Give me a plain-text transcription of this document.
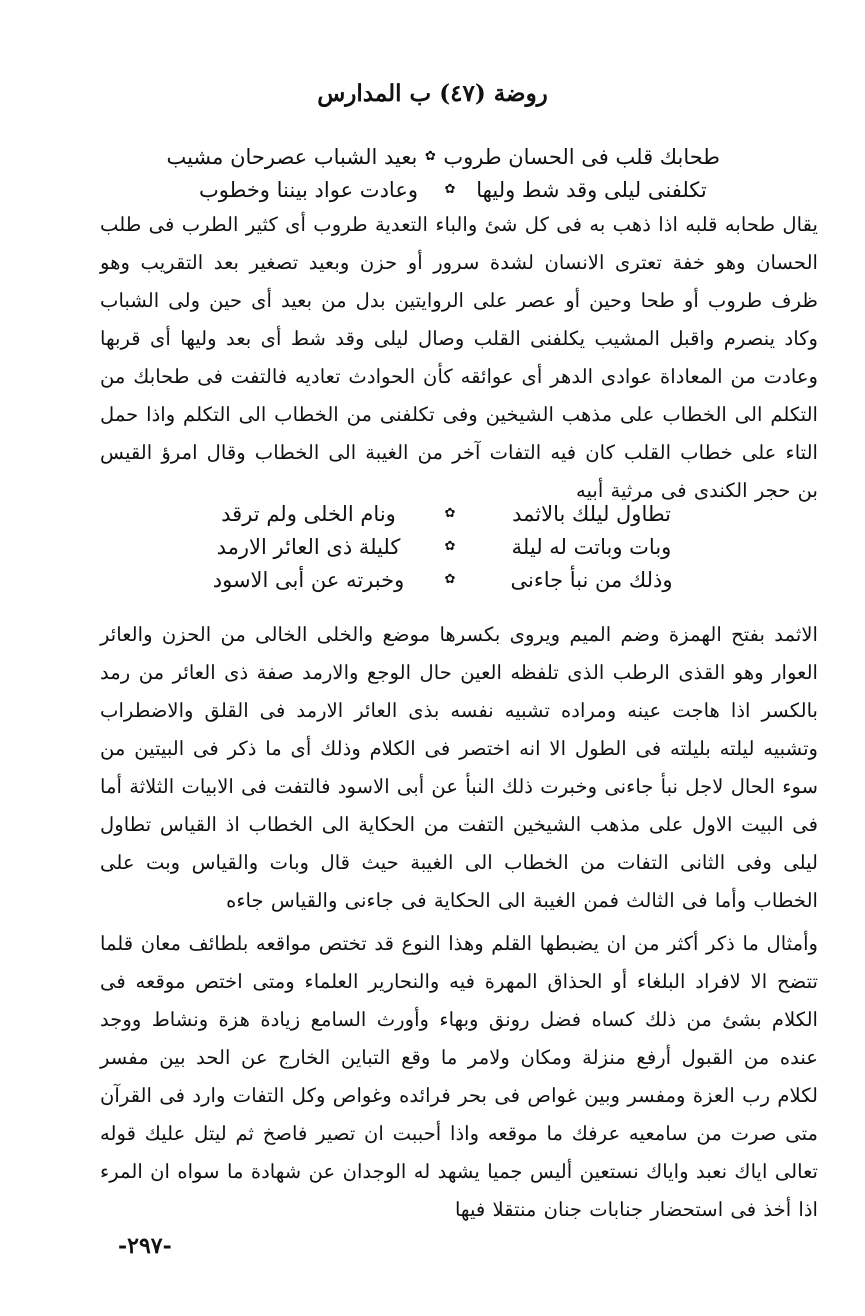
روضة (٤٧) ب المدارس
طحابك قلب فى الحسان طروب
✿
بعيد الشباب عصرحان مشيب
تكلفنى ليلى وقد شط وليها
✿
وعادت عواد بيننا وخطوب

يقال طحابه قلبه اذا ذهب به فى كل شئ والباء التعدية طروب أى كثير الطرب فى طلب الحسان وهو خفة تعترى الانسان لشدة سرور أو حزن وبعيد تصغير بعد التقريب وهو ظرف طروب أو طحا وحين أو عصر على الروايتين بدل من بعيد أى حين ولى الشباب وكاد ينصرم واقبل المشيب يكلفنى القلب وصال ليلى وقد شط أى بعد وليها أى قربها وعادت من المعاداة عوادى الدهر أى عوائقه كأن الحوادث تعاديه فالتفت فى طحابك من التكلم الى الخطاب على مذهب الشيخين وفى تكلفنى من الخطاب الى التكلم واذا حمل التاء على خطاب القلب كان فيه التفات آخر من الغيبة الى الخطاب وقال امرؤ القيس بن حجر الكندى فى مرثية أبيه

تطاول ليلك بالاثمد
✿
ونام الخلى ولم ترقد
وبات وباتت له ليلة
✿
كليلة ذى العائر الارمد
وذلك من نبأ جاءنى
✿
وخبرته عن أبى الاسود

الاثمد بفتح الهمزة وضم الميم ويروى بكسرها موضع والخلى الخالى من الحزن والعائر العوار وهو القذى الرطب الذى تلفظه العين حال الوجع والارمد صفة ذى العائر من رمد بالكسر اذا هاجت عينه ومراده تشبيه نفسه بذى العائر الارمد فى القلق والاضطراب وتشبيه ليلته بليلته فى الطول الا انه اختصر فى الكلام وذلك أى ما ذكر فى البيتين من سوء الحال لاجل نبأ جاءنى وخبرت ذلك النبأ عن أبى الاسود فالتفت فى الابيات الثلاثة أما فى البيت الاول على مذهب الشيخين التفت من الحكاية الى الخطاب اذ القياس تطاول ليلى وفى الثانى التفات من الخطاب الى الغيبة حيث قال وبات والقياس وبت على الخطاب وأما فى الثالث فمن الغيبة الى الحكاية فى جاءنى والقياس جاءه

وأمثال ما ذكر أكثر من ان يضبطها القلم وهذا النوع قد تختص مواقعه بلطائف معان قلما تتضح الا لافراد البلغاء أو الحذاق المهرة فيه والنحارير العلماء ومتى اختص موقعه فى الكلام بشئ من ذلك كساه فضل رونق وبهاء وأورث السامع زيادة هزة ونشاط ووجد عنده من القبول أرفع منزلة ومكان ولامر ما وقع التباين الخارج عن الحد بين مفسر لكلام رب العزة ومفسر وبين غواص فى بحر فرائده وغواص وكل التفات وارد فى القرآن متى صرت من سامعيه عرفك ما موقعه واذا أحببت ان تصير فاصخ ثم ليتل عليك قوله تعالى اياك نعبد واياك نستعين أليس جميا يشهد له الوجدان عن شهادة ما سواه ان المرء اذا أخذ فى استحضار جنابات جنان منتقلا فيها

-٢٩٧-
